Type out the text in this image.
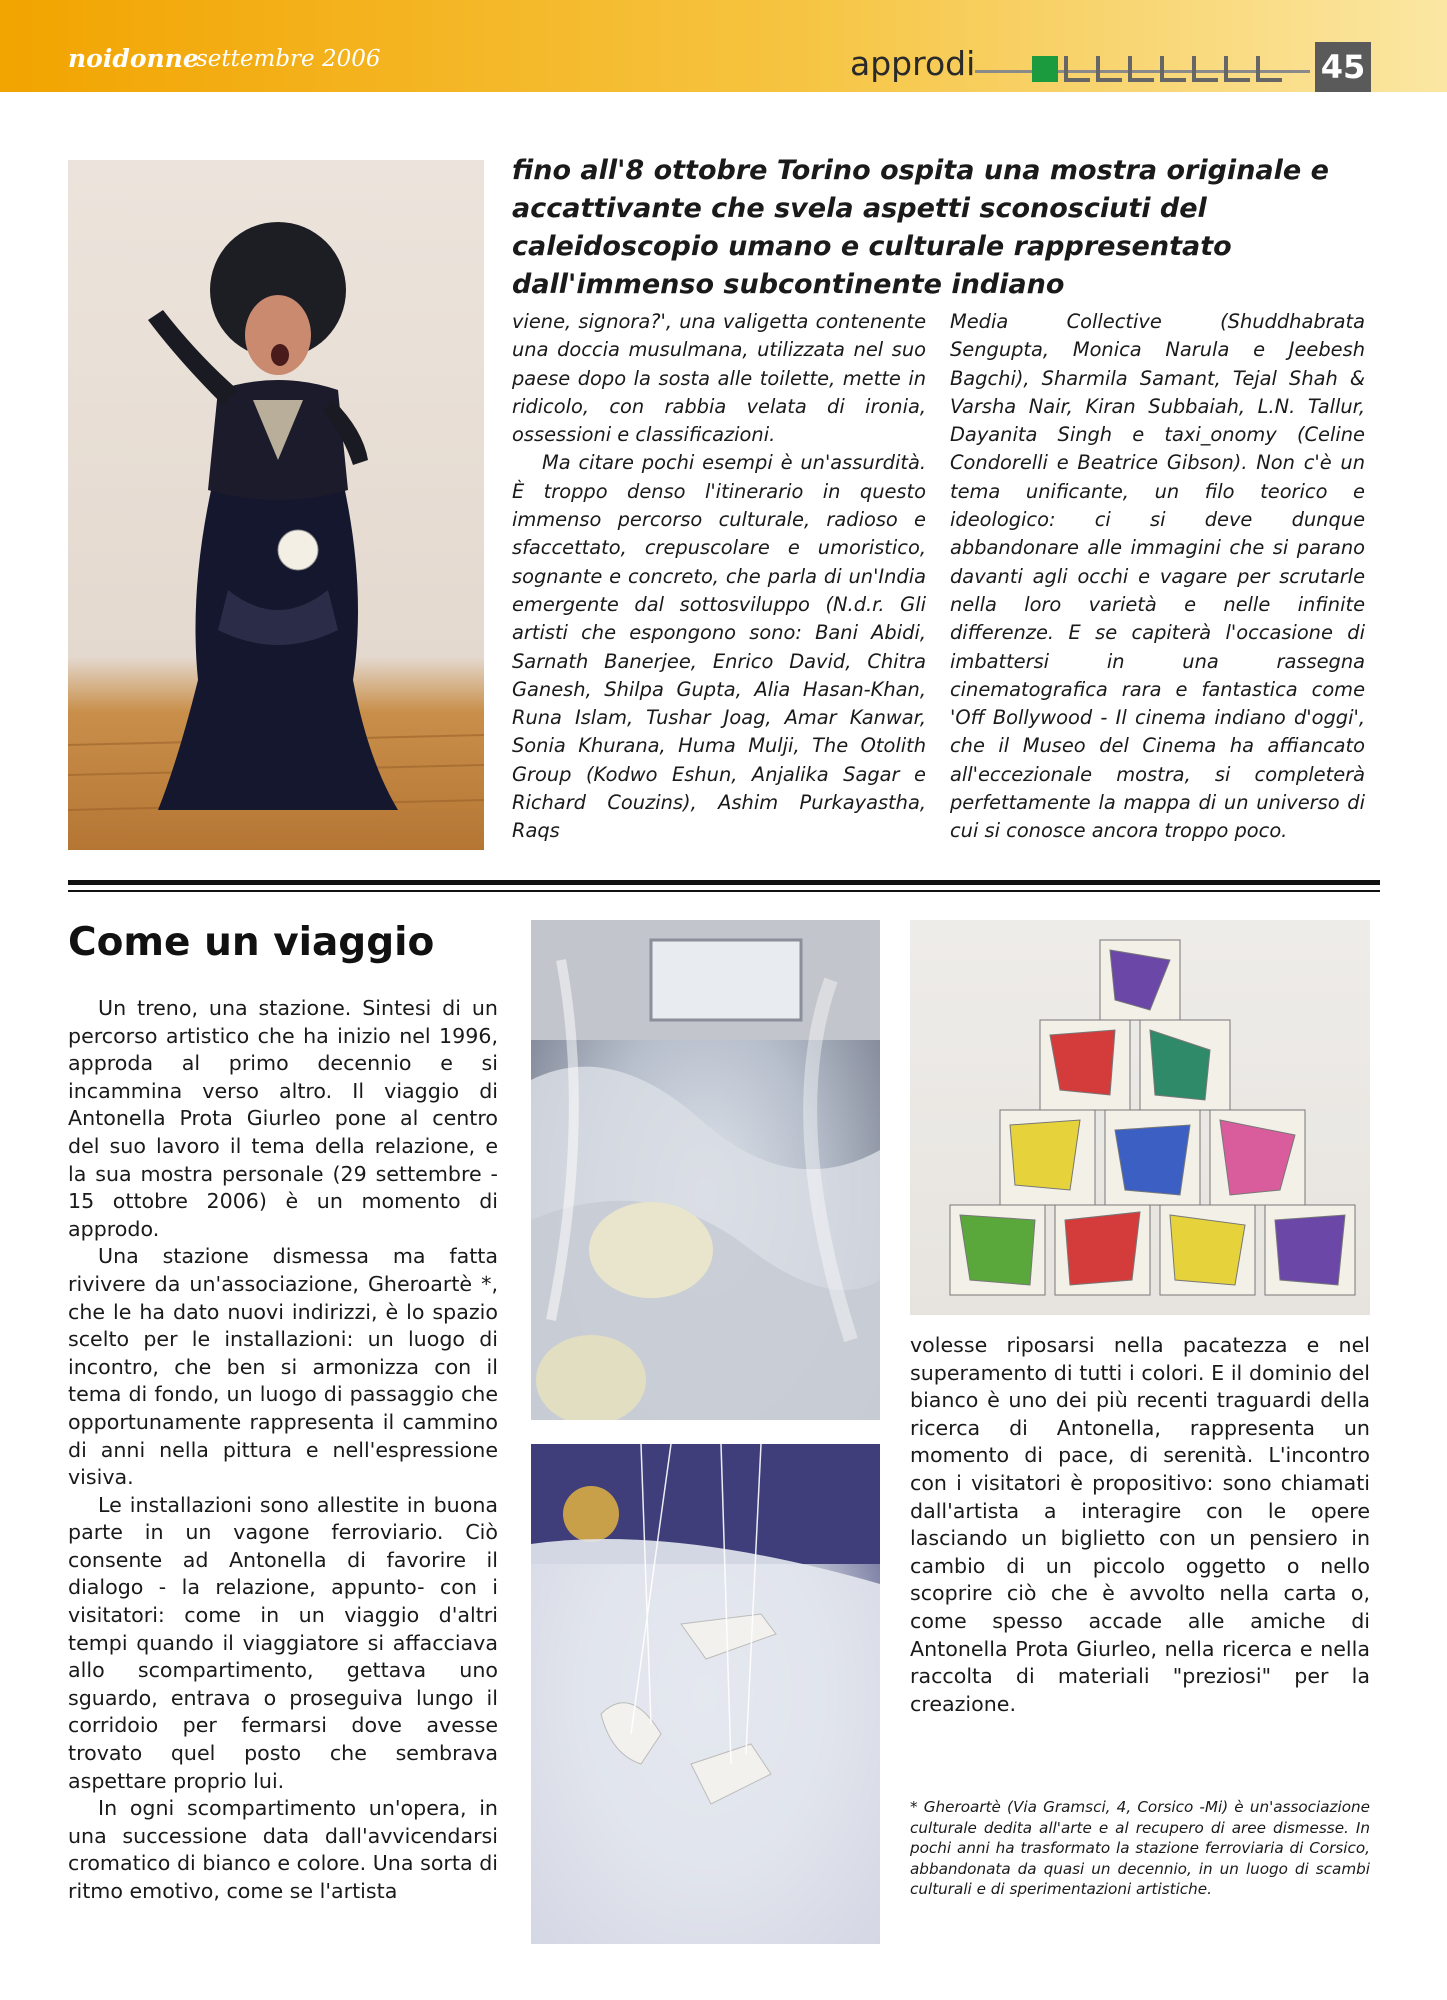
noidonne
settembre 2006	approdi	45
fino all'8 ottobre Torino ospita una mostra originale e accattivante che svela aspetti sconosciuti del caleidoscopio umano e culturale rappresentato dall'immenso subcontinente indiano

viene, signora?', una valigetta contenente una doccia musulmana, utilizzata nel suo paese dopo la sosta alle toilette, mette in ridicolo, con rabbia velata di ironia, ossessioni e classificazioni.

Ma citare pochi esempi è un'assurdità. È troppo denso l'itinerario in questo immenso percorso culturale, radioso e sfaccettato, crepuscolare e umoristico, sognante e concreto, che parla di un'India emergente dal sottosviluppo (N.d.r. Gli artisti che espongono sono: Bani Abidi, Sarnath Banerjee, Enrico David, Chitra Ganesh, Shilpa Gupta, Alia Hasan-Khan, Runa Islam, Tushar Joag, Amar Kanwar, Sonia Khurana, Huma Mulji, The Otolith Group (Kodwo Eshun, Anjalika Sagar e Richard Couzins), Ashim Purkayastha, Raqs

Media Collective (Shuddhabrata Sengupta, Monica Narula e Jeebesh Bagchi), Sharmila Samant, Tejal Shah & Varsha Nair, Kiran Subbaiah, L.N. Tallur, Dayanita Singh e taxi_onomy (Celine Condorelli e Beatrice Gibson). Non c'è un tema unificante, un filo teorico e ideologico: ci si deve dunque abbandonare alle immagini che si parano davanti agli occhi e vagare per scrutarle nella loro varietà e nelle infinite differenze. E se capiterà l'occasione di imbattersi in una rassegna cinematografica rara e fantastica come 'Off Bollywood - Il cinema indiano d'oggi', che il Museo del Cinema ha affiancato all'eccezionale mostra, si completerà perfettamente la mappa di un universo di cui si conosce ancora troppo poco.

Come un viaggio

Un treno, una stazione. Sintesi di un percorso artistico che ha inizio nel 1996, approda al primo decennio e si incammina verso altro. Il viaggio di Antonella Prota Giurleo pone al centro del suo lavoro il tema della relazione, e la sua mostra personale (29 settembre - 15 ottobre 2006) è un momento di approdo.

Una stazione dismessa ma fatta rivivere da un'associazione, Gheroartè *, che le ha dato nuovi indirizzi, è lo spazio scelto per le installazioni: un luogo di incontro, che ben si armonizza con il tema di fondo, un luogo di passaggio che opportunamente rappresenta il cammino di anni nella pittura e nell'espressione visiva.

Le installazioni sono allestite in buona parte in un vagone ferroviario. Ciò consente ad Antonella di favorire il dialogo - la relazione, appunto- con i visitatori: come in un viaggio d'altri tempi quando il viaggiatore si affacciava allo scompartimento, gettava uno sguardo, entrava o proseguiva lungo il corridoio per fermarsi dove avesse trovato quel posto che sembrava aspettare proprio lui.

In ogni scompartimento un'opera, in una successione data dall'avvicendarsi cromatico di bianco e colore. Una sorta di ritmo emotivo, come se l'artista

volesse riposarsi nella pacatezza e nel superamento di tutti i colori. E il dominio del bianco è uno dei più recenti traguardi della ricerca di Antonella, rappresenta un momento di pace, di serenità. L'incontro con i visitatori è propositivo: sono chiamati dall'artista a interagire con le opere lasciando un biglietto con un pensiero in cambio di un piccolo oggetto o nello scoprire ciò che è avvolto nella carta o, come spesso accade alle amiche di Antonella Prota Giurleo, nella ricerca e nella raccolta di materiali "preziosi" per la creazione.

* Gheroartè (Via Gramsci, 4, Corsico -Mi) è un'associazione culturale dedita all'arte e al recupero di aree dismesse. In pochi anni ha trasformato la stazione ferroviaria di Corsico, abbandonata da quasi un decennio, in un luogo di scambi culturali e di sperimentazioni artistiche.
